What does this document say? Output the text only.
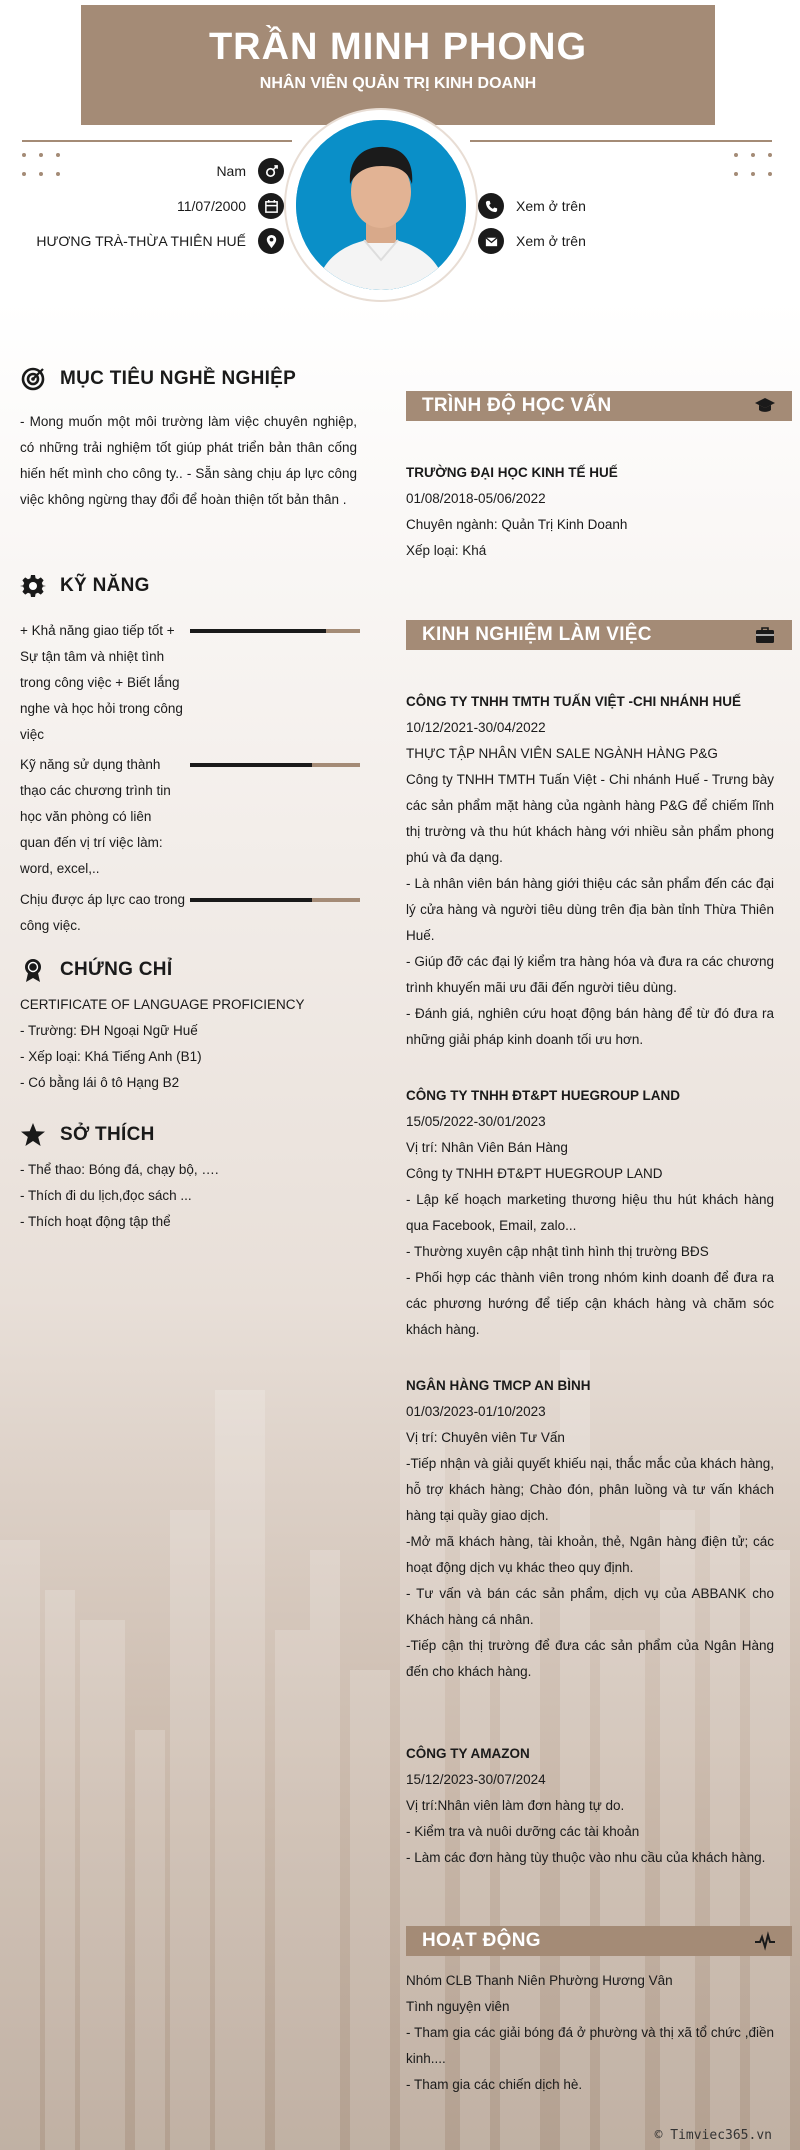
TRẦN MINH PHONG
NHÂN VIÊN QUẢN TRỊ KINH DOANH
Nam
11/07/2000
HƯƠNG TRÀ-THỪA THIÊN HUẾ
Xem ở trên
Xem ở trên
MỤC TIÊU NGHỀ NGHIỆP
- Mong muốn một môi trường làm việc chuyên nghiệp, có những trải nghiệm tốt giúp phát triển bản thân cống hiến hết mình cho công ty.. - Sẵn sàng chịu áp lực công việc không ngừng thay đổi để hoàn thiện tốt bản thân .
KỸ NĂNG
+ Khả năng giao tiếp tốt + Sự tận tâm và nhiệt tình trong công việc + Biết lắng nghe và học hỏi trong công việc
Kỹ năng sử dụng thành thạo các chương trình tin học văn phòng có liên quan đến vị trí việc làm: word, excel,..
Chịu được áp lực cao trong công việc.
CHỨNG CHỈ
CERTIFICATE OF LANGUAGE PROFICIENCY
- Trường: ĐH Ngoại Ngữ Huế
- Xếp loại: Khá Tiếng Anh (B1)
- Có bằng lái ô tô Hạng B2
SỞ THÍCH
- Thể thao: Bóng đá, chạy bộ, ….
- Thích đi du lịch,đọc sách ...
- Thích hoạt động tập thể
TRÌNH ĐỘ HỌC VẤN
TRƯỜNG ĐẠI HỌC KINH TẾ HUẾ
01/08/2018-05/06/2022
Chuyên ngành: Quản Trị Kinh Doanh
Xếp loại: Khá
KINH NGHIỆM LÀM VIỆC
CÔNG TY TNHH TMTH TUẤN VIỆT -CHI NHÁNH HUẾ
10/12/2021-30/04/2022
THỰC TẬP NHÂN VIÊN SALE NGÀNH HÀNG P&G
Công ty TNHH TMTH Tuấn Việt - Chi nhánh Huế - Trưng bày các sản phẩm mặt hàng của ngành hàng P&G để chiếm lĩnh thị trường và thu hút khách hàng với nhiều sản phẩm phong phú và đa dạng.
- Là nhân viên bán hàng giới thiệu các sản phẩm đến các đại lý cửa hàng và người tiêu dùng trên địa bàn tỉnh Thừa Thiên Huế.
- Giúp đỡ các đại lý kiểm tra hàng hóa và đưa ra các chương trình khuyến mãi ưu đãi đến người tiêu dùng.
- Đánh giá, nghiên cứu hoạt động bán hàng để từ đó đưa ra những giải pháp kinh doanh tối ưu hơn.
CÔNG TY TNHH ĐT&PT HUEGROUP LAND
15/05/2022-30/01/2023
Vị trí: Nhân Viên Bán Hàng
Công ty TNHH ĐT&PT HUEGROUP LAND
- Lập kế hoạch marketing thương hiệu thu hút khách hàng qua Facebook, Email, zalo...
- Thường xuyên cập nhật tình hình thị trường BĐS
- Phối hợp các thành viên trong nhóm kinh doanh để đưa ra các phương hướng để tiếp cận khách hàng và chăm sóc khách hàng.
NGÂN HÀNG TMCP AN BÌNH
01/03/2023-01/10/2023
Vị trí: Chuyên viên Tư Vấn
-Tiếp nhận và giải quyết khiếu nại, thắc mắc của khách hàng, hỗ trợ khách hàng; Chào đón, phân luồng và tư vấn khách hàng tại quầy giao dịch.
-Mở mã khách hàng, tài khoản, thẻ, Ngân hàng điện tử; các hoạt động dịch vụ khác theo quy định.
- Tư vấn và bán các sản phẩm, dịch vụ của ABBANK cho Khách hàng cá nhân.
-Tiếp cận thị trường để đưa các sản phẩm của Ngân Hàng đến cho khách hàng.
CÔNG TY AMAZON
15/12/2023-30/07/2024
Vị trí:Nhân viên làm đơn hàng tự do.
- Kiểm tra và nuôi dưỡng các tài khoản
- Làm các đơn hàng tùy thuộc vào nhu cầu của khách hàng.
HOẠT ĐỘNG
Nhóm CLB Thanh Niên Phường Hương Vân
Tình nguyện viên
- Tham gia các giải bóng đá ở phường và thị xã tổ chức ,điền kinh....
- Tham gia các chiến dịch hè.
© Timviec365.vn
